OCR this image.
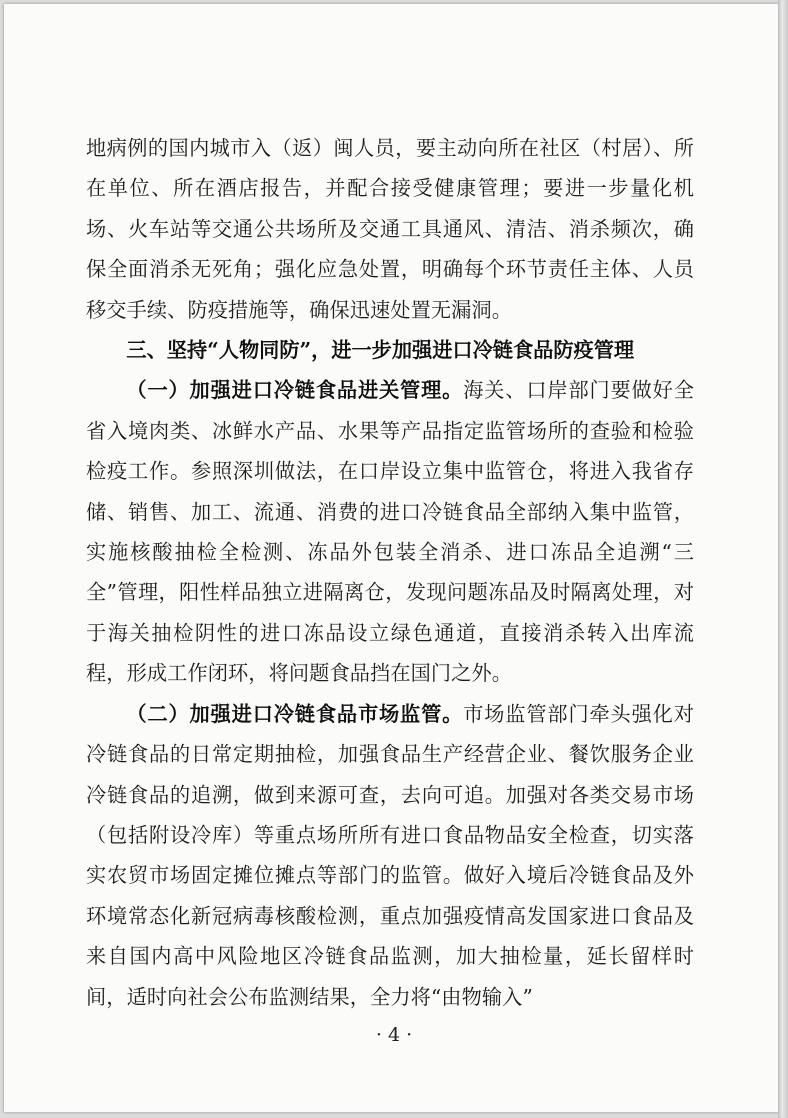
地病例的国内城市入（返）闽人员，要主动向所在社区（村居）、所在单位、所在酒店报告，并配合接受健康管理；要进一步量化机场、火车站等交通公共场所及交通工具通风、清洁、消杀频次，确保全面消杀无死角；强化应急处置，明确每个环节责任主体、人员移交手续、防疫措施等，确保迅速处置无漏洞。

三、坚持“人物同防”，进一步加强进口冷链食品防疫管理

（一）加强进口冷链食品进关管理。海关、口岸部门要做好全省入境肉类、冰鲜水产品、水果等产品指定监管场所的查验和检验检疫工作。参照深圳做法，在口岸设立集中监管仓，将进入我省存储、销售、加工、流通、消费的进口冷链食品全部纳入集中监管，实施核酸抽检全检测、冻品外包装全消杀、进口冻品全追溯“三全”管理，阳性样品独立进隔离仓，发现问题冻品及时隔离处理，对于海关抽检阴性的进口冻品设立绿色通道，直接消杀转入出库流程，形成工作闭环，将问题食品挡在国门之外。

（二）加强进口冷链食品市场监管。市场监管部门牵头强化对冷链食品的日常定期抽检，加强食品生产经营企业、餐饮服务企业冷链食品的追溯，做到来源可查，去向可追。加强对各类交易市场（包括附设冷库）等重点场所所有进口食品物品安全检查，切实落实农贸市场固定摊位摊点等部门的监管。做好入境后冷链食品及外环境常态化新冠病毒核酸检测，重点加强疫情高发国家进口食品及来自国内高中风险地区冷链食品监测，加大抽检量，延长留样时间，适时向社会公布监测结果，全力将“由物输入”

· 4 ·
